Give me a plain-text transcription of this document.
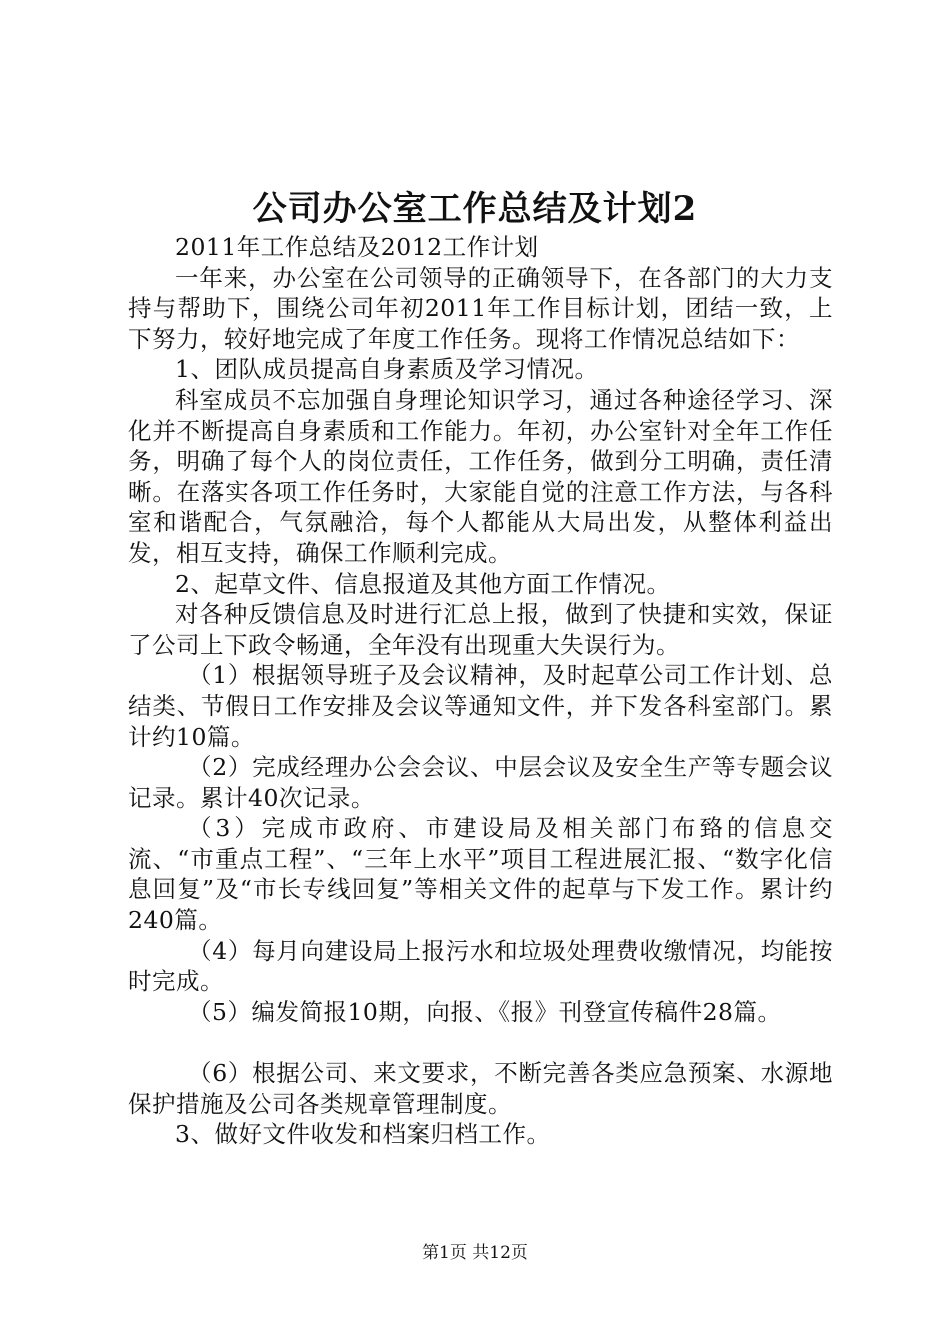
公司办公室工作总结及计划2

2011年工作总结及2012工作计划

一年来，办公室在公司领导的正确领导下，在各部门的大力支持与帮助下，围绕公司年初2011年工作目标计划，团结一致，上下努力，较好地完成了年度工作任务。现将工作情况总结如下：

1、团队成员提高自身素质及学习情况。

科室成员不忘加强自身理论知识学习，通过各种途径学习、深化并不断提高自身素质和工作能力。年初，办公室针对全年工作任务，明确了每个人的岗位责任，工作任务，做到分工明确，责任清晰。在落实各项工作任务时，大家能自觉的注意工作方法，与各科室和谐配合，气氛融洽，每个人都能从大局出发，从整体利益出发，相互支持，确保工作顺利完成。

2、起草文件、信息报道及其他方面工作情况。

对各种反馈信息及时进行汇总上报，做到了快捷和实效，保证了公司上下政令畅通，全年没有出现重大失误行为。

（1）根据领导班子及会议精神，及时起草公司工作计划、总结类、节假日工作安排及会议等通知文件，并下发各科室部门。累计约10篇。

（2）完成经理办公会会议、中层会议及安全生产等专题会议记录。累计40次记录。

（3）完成市政府、市建设局及相关部门布臵的信息交流、“市重点工程”、“三年上水平”项目工程进展汇报、“数字化信息回复”及“市长专线回复”等相关文件的起草与下发工作。累计约240篇。

（4）每月向建设局上报污水和垃圾处理费收缴情况，均能按时完成。

（5）编发简报10期，向报、《报》刊登宣传稿件28篇。

（6）根据公司、来文要求，不断完善各类应急预案、水源地保护措施及公司各类规章管理制度。

3、做好文件收发和档案归档工作。

第1页 共12页
